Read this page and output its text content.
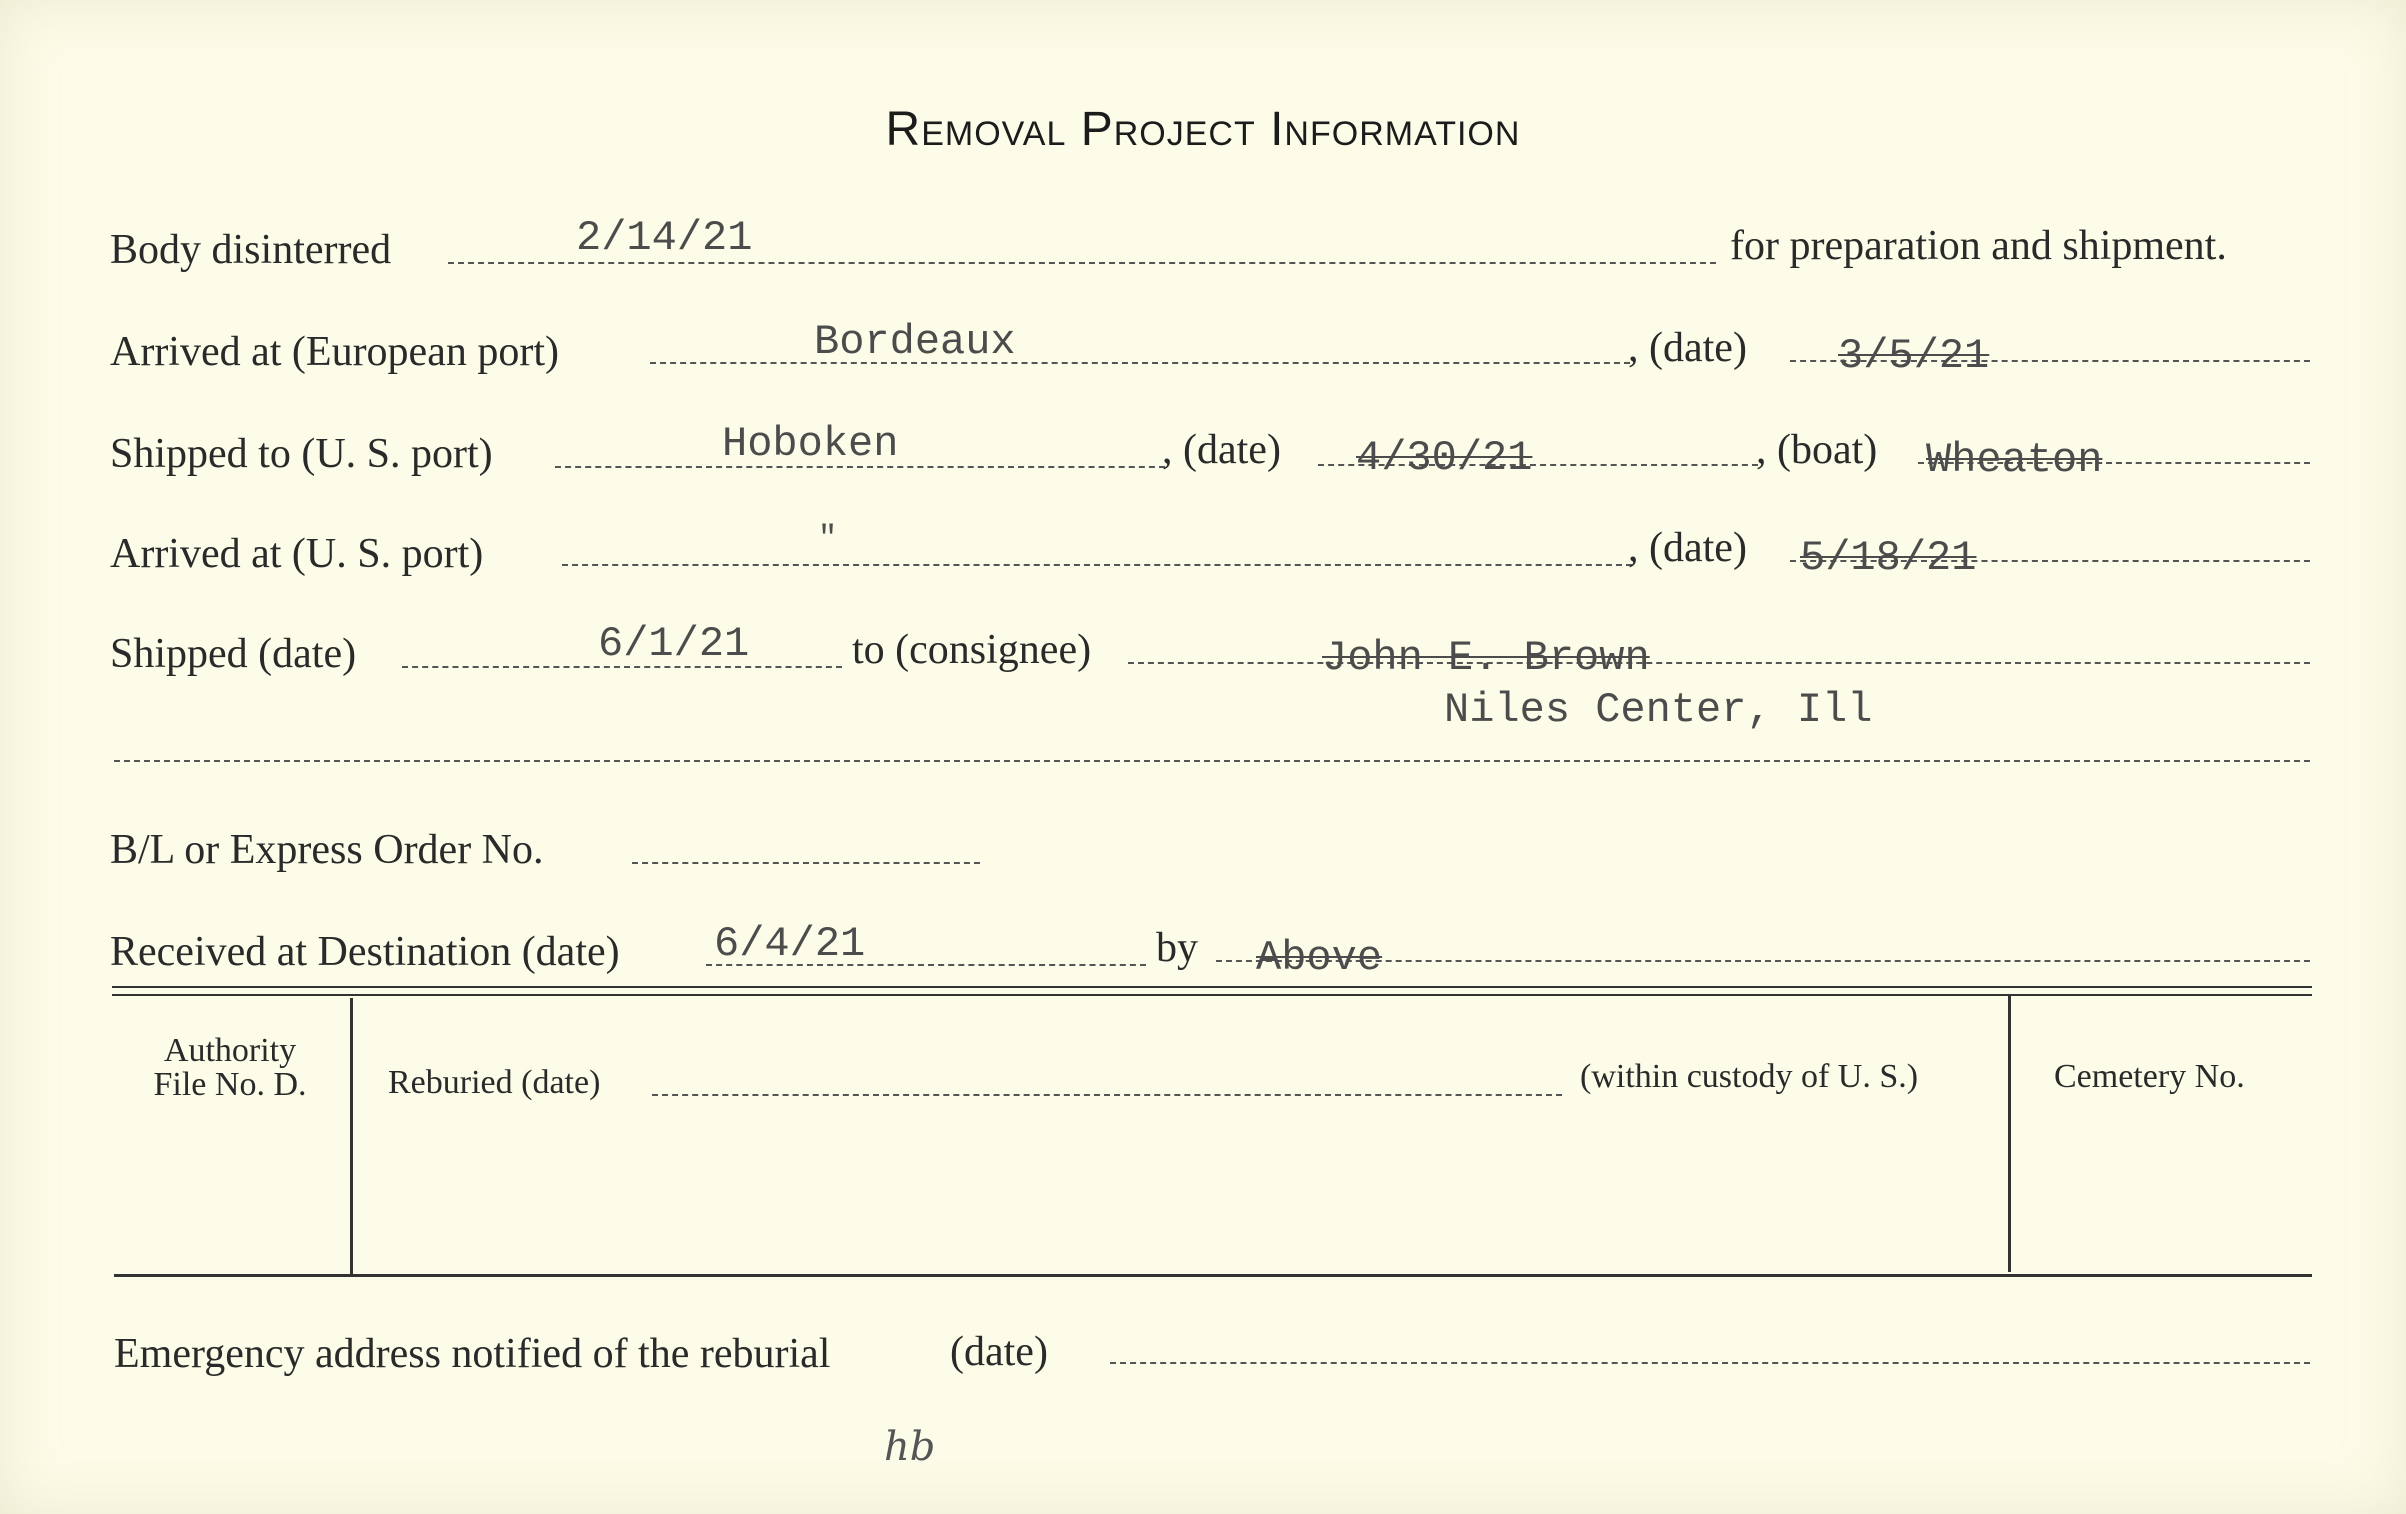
Removal Project Information
Body disinterred	2/14/21	for preparation and shipment.
Arrived at (European port)	Bordeaux	, (date) 3/5/21
Shipped to (U. S. port)	Hoboken	, (date) 4/30/21	, (boat) Wheaton
Arrived at (U. S. port)	"	, (date) 5/18/21
Shipped (date)	6/1/21 to (consignee)	John E. Brown
Niles Center, Ill
B/L or Express Order No.
Received at Destination (date) 6/4/21	by Above
Authority
File No. D.	Reburied (date)	(within custody of U. S.)	Cemetery No.
Emergency address notified of the reburial	(date)
hb
